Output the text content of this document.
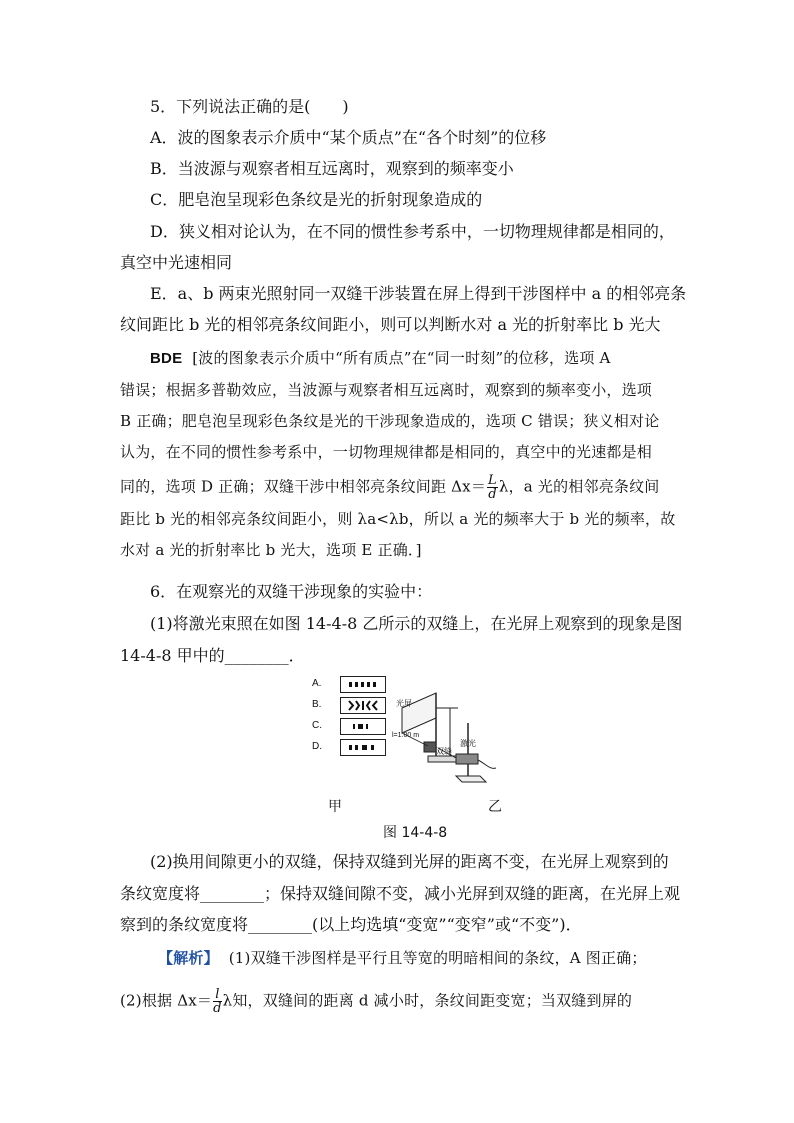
5．下列说法正确的是(　　)
A．波的图象表示介质中“某个质点”在“各个时刻”的位移
B．当波源与观察者相互远离时，观察到的频率变小
C．肥皂泡呈现彩色条纹是光的折射现象造成的
D．狭义相对论认为，在不同的惯性参考系中，一切物理规律都是相同的，
真空中光速相同
E．a、b 两束光照射同一双缝干涉装置在屏上得到干涉图样中 a 的相邻亮条
纹间距比 b 光的相邻亮条纹间距小，则可以判断水对 a 光的折射率比 b 光大
BDE [波的图象表示介质中“所有质点”在“同一时刻”的位移，选项 A
错误；根据多普勒效应，当波源与观察者相互远离时，观察到的频率变小，选项
B 正确；肥皂泡呈现彩色条纹是光的干涉现象造成的，选项 C 错误；狭义相对论
认为，在不同的惯性参考系中，一切物理规律都是相同的，真空中的光速都是相
同的，选项 D 正确；双缝干涉中相邻亮条纹间距 $\Delta x= \frac{L}{d}$ λ，a 光的相邻亮条纹间
距比 b 光的相邻亮条纹间距小，则 λa<λb，所以 a 光的频率大于 b 光的频率，故
水对 a 光的折射率比 b 光大，选项 E 正确．]
6．在观察光的双缝干涉现象的实验中：
(1)将激光束照在如图 14-4-8 乙所示的双缝上，在光屏上观察到的现象是图
14-4-8 甲中的________．
A.
B.
C.
D.
光屏
l=1.00 m
双缝
激光
甲	乙
图 14-4-8
(2)换用间隙更小的双缝，保持双缝到光屏的距离不变，在光屏上观察到的
条纹宽度将________；保持双缝间隙不变，减小光屏到双缝的距离，在光屏上观
察到的条纹宽度将________(以上均选填“变宽”“变窄”或“不变”)．
【解析】 (1)双缝干涉图样是平行且等宽的明暗相间的条纹，A 图正确；
(2)根据 $\Delta x= \frac{l}{d}$ λ知，双缝间的距离 d 减小时，条纹间距变宽；当双缝到屏的
